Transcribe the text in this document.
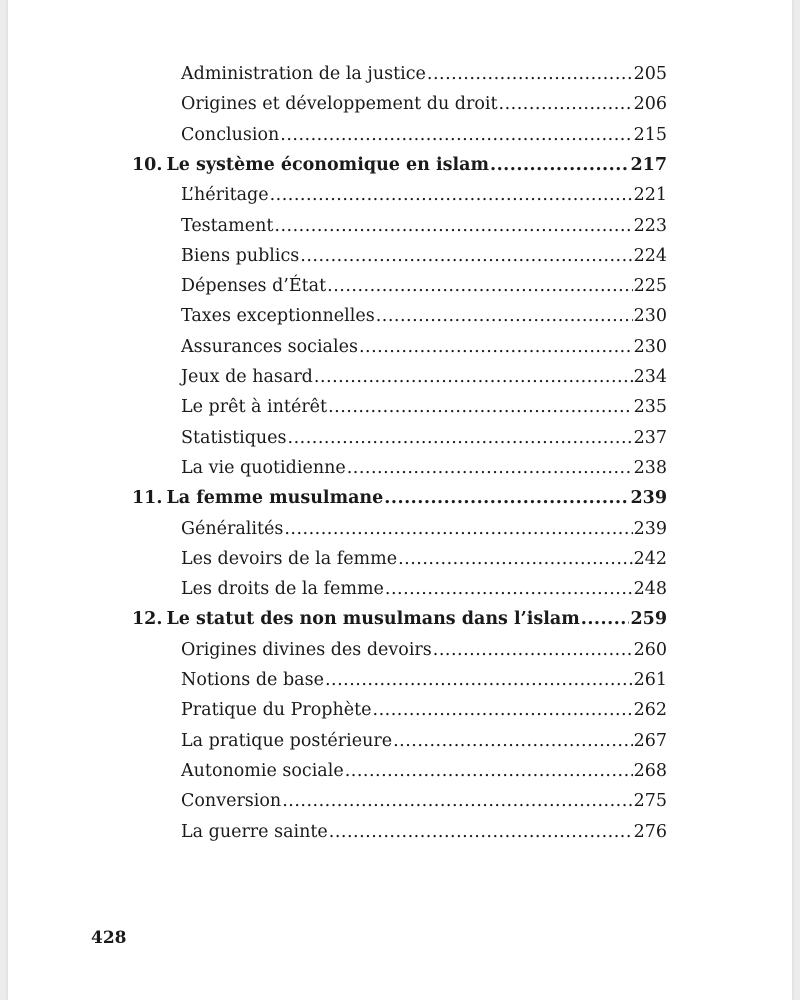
Administration de la justice .....	205
Origines et développement du droit .....	206
Conclusion .....	215
10. Le système économique en islam .....	217
L’héritage .....	221
Testament .....	223
Biens publics .....	224
Dépenses d’État .....	225
Taxes exceptionnelles .....	230
Assurances sociales .....	230
Jeux de hasard .....	234
Le prêt à intérêt .....	235
Statistiques .....	237
La vie quotidienne .....	238
11. La femme musulmane .....	239
Généralités .....	239
Les devoirs de la femme .....	242
Les droits de la femme .....	248
12. Le statut des non musulmans dans l’islam .....	259
Origines divines des devoirs .....	260
Notions de base .....	261
Pratique du Prophète .....	262
La pratique postérieure .....	267
Autonomie sociale .....	268
Conversion .....	275
La guerre sainte .....	276
428
